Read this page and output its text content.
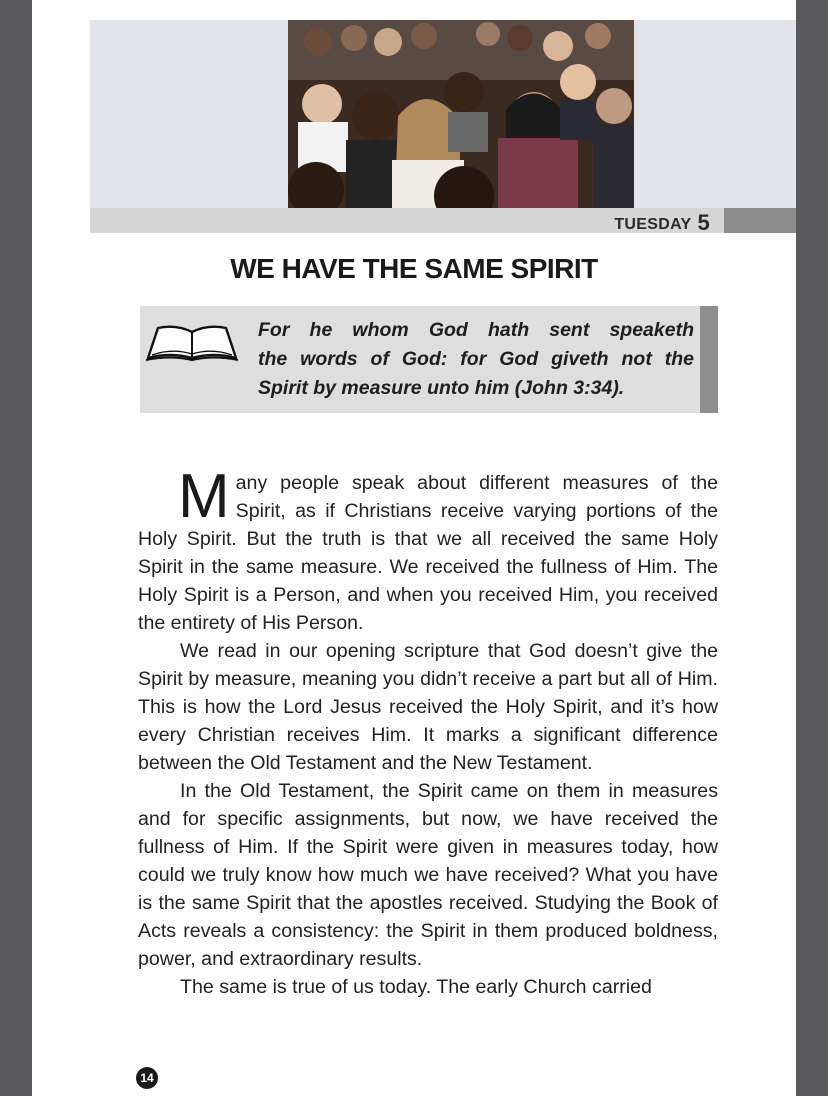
TUESDAY 5
WE HAVE THE SAME SPIRIT
For he whom God hath sent speaketh
the words of God: for God giveth not the
Spirit by measure unto him (John 3:34).

Many people speak about different measures of the Spirit, as if Christians receive varying portions of the Holy Spirit. But the truth is that we all received the same Holy Spirit in the same measure. We received the fullness of Him. The Holy Spirit is a Person, and when you received Him, you received the entirety of His Person.

We read in our opening scripture that God doesn’t give the Spirit by measure, meaning you didn’t receive a part but all of Him. This is how the Lord Jesus received the Holy Spirit, and it’s how every Christian receives Him. It marks a significant difference between the Old Testament and the New Testament.

In the Old Testament, the Spirit came on them in measures and for specific assignments, but now, we have received the fullness of Him. If the Spirit were given in measures today, how could we truly know how much we have received? What you have is the same Spirit that the apostles received. Studying the Book of Acts reveals a consistency: the Spirit in them produced boldness, power, and extraordinary results.

The same is true of us today. The early Church carried

14
